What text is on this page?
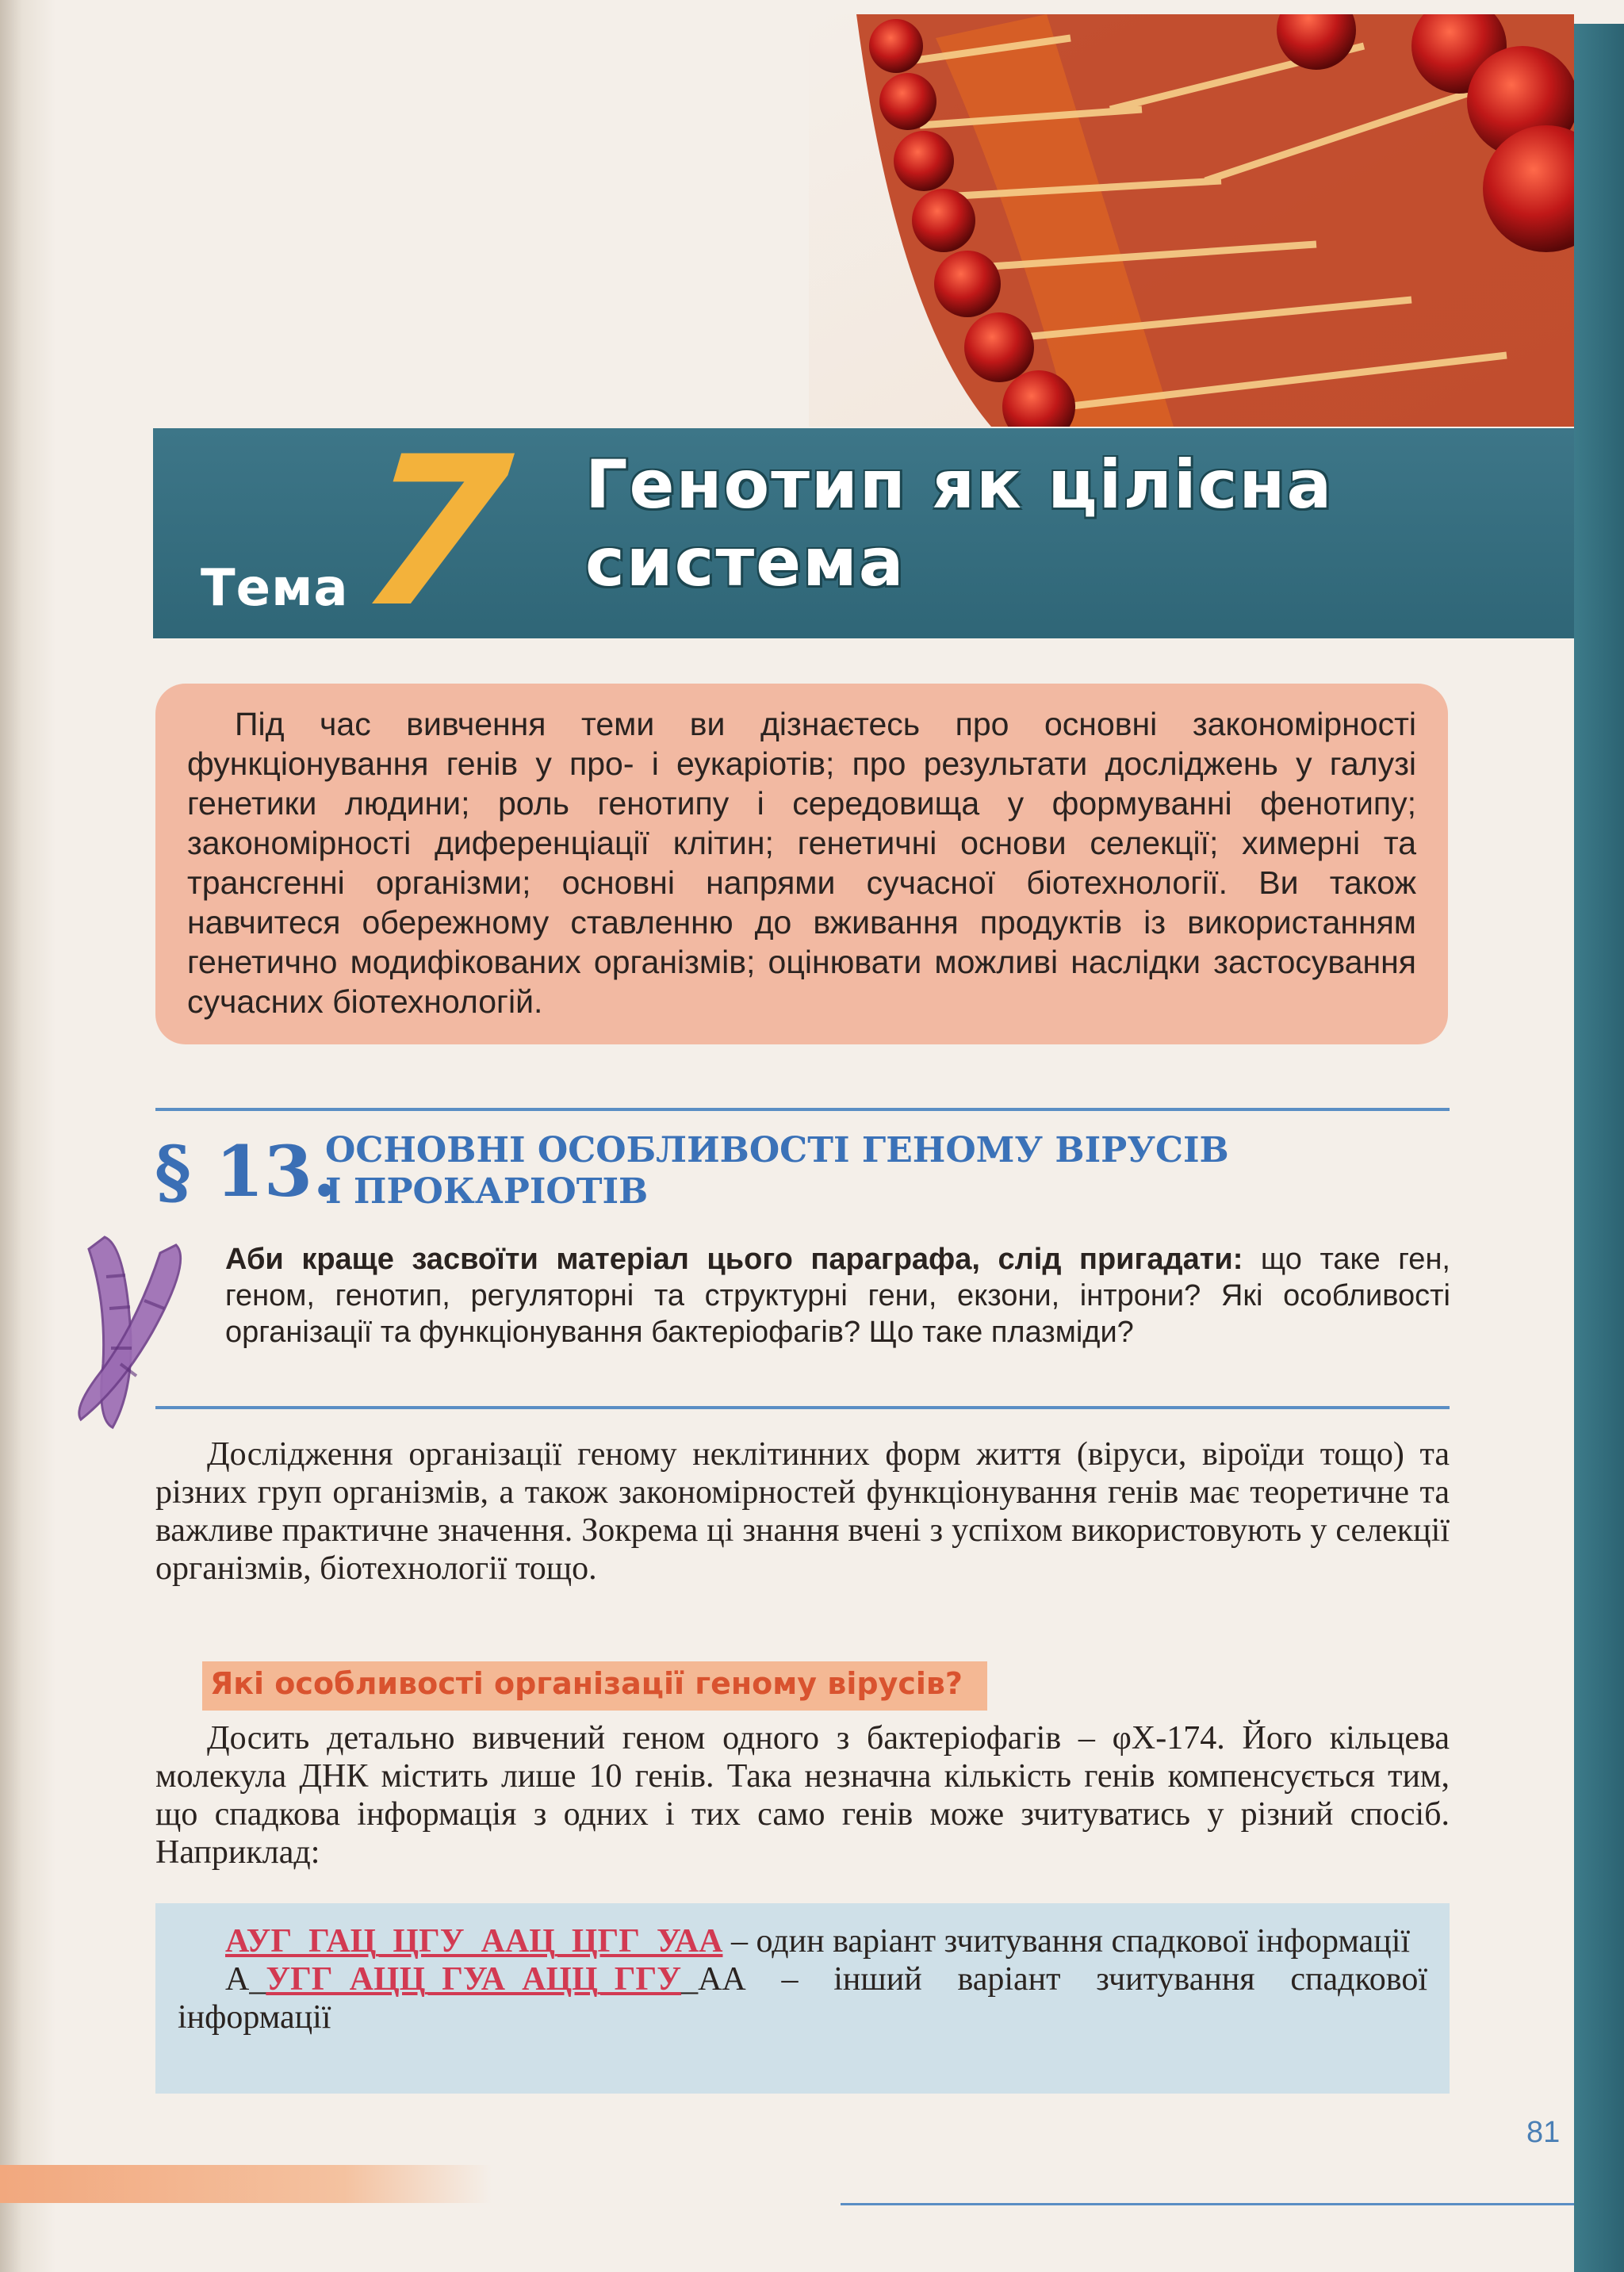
Тема 7 Генотип як цілісна
система

Під час вивчення теми ви дізнаєтесь про основні закономірності функціонування генів у про- і еукаріотів; про результати досліджень у галузі генетики людини; роль генотипу і середовища у формуванні фенотипу; закономірності диференціації клітин; генетичні основи селекції; химерні та трансгенні організми; основні напрями сучасної біотехнології. Ви також навчитеся обережному ставленню до вживання продуктів із використанням генетично модифікованих організмів; оцінювати можливі наслідки застосування сучасних біотехнологій.

§ 13.
ОСНОВНІ ОСОБЛИВОСТІ ГЕНОМУ ВІРУСІВ
І ПРОКАРІОТІВ

Аби краще засвоїти матеріал цього параграфа, слід пригадати: що таке ген, геном, генотип, регуляторні та структурні гени, екзони, інтрони? Які особливості організації та функціонування бактеріофагів? Що таке плазміди?

Дослідження організації геному неклітинних форм життя (віруси, віроїди тощо) та різних груп організмів, а також закономірностей функціонування генів має теоретичне та важливе практичне значення. Зокрема ці знання вчені з успіхом використовують у селекції організмів, біотехнології тощо.

Які особливості організації геному вірусів?

Досить детально вивчений геном одного з бактеріофагів – φX-174. Його кільцева молекула ДНК містить лише 10 генів. Така незначна кількість генів компенсується тим, що спадкова інформація з одних і тих само генів може зчитуватись у різний спосіб. Наприклад:

АУГ_ГАЦ_ЦГУ_ААЦ_ЦГГ_УАА – один варіант зчитування спадкової інформації

А_УГГ_АЦЦ_ГУА_АЦЦ_ГГУ_АА – інший варіант зчитування спадкової інформації

81
